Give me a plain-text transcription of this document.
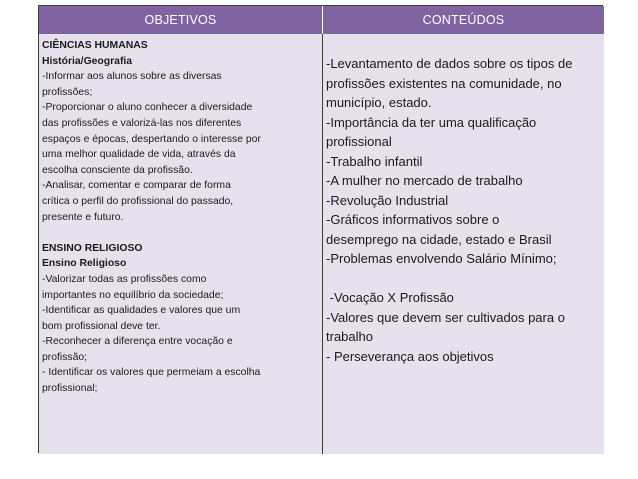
OBJETIVOS	CONTEÚDOS
CIÊNCIAS HUMANAS
História/Geografia
-Informar aos alunos sobre as diversas
profissões;
-Proporcionar o aluno conhecer a diversidade
das profissões e valorizá-las nos diferentes
espaços e épocas, despertando o interesse por
uma melhor qualidade de vida, através da
escolha consciente da profissão.
-Analisar, comentar e comparar de forma
crítica o perfil do profissional do passado,
presente e futuro.
ENSINO RELIGIOSO
Ensino Religioso
-Valorizar todas as profissões como
importantes no equilíbrio da sociedade;
-Identificar as qualidades e valores que um
bom profissional deve ter.
-Reconhecer a diferença entre vocação e
profissão;
- Identificar os valores que permeiam a escolha
profissional;
-Levantamento de dados sobre os tipos de
profissões existentes na comunidade, no
município, estado.
-Importância da ter uma qualificação
profissional
-Trabalho infantil
-A mulher no mercado de trabalho
-Revolução Industrial
-Gráficos informativos sobre o
desemprego na cidade, estado e Brasil
-Problemas envolvendo Salário Mínimo;
-Vocação X Profissão
-Valores que devem ser cultivados para o
trabalho
- Perseverança aos objetivos
